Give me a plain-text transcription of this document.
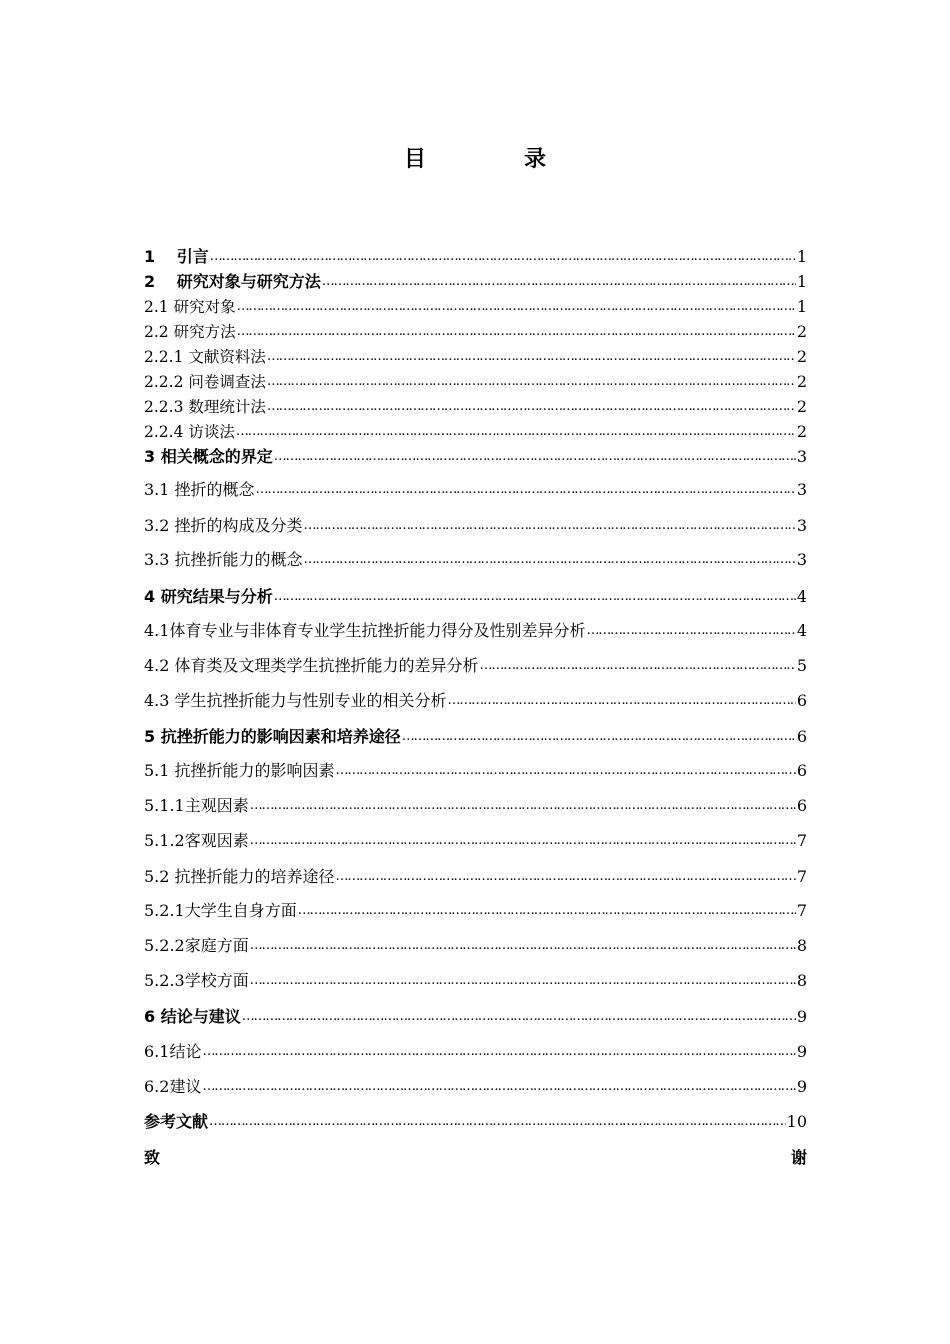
目　录
1　 引言 ……………………………………………………………………………………………………………………………………………………………………………………………………………………	1
2　 研究对象与研究方法 ……………………………………………………………………………………………………………………………………………………………………………………………………………………	1
2.1 研究对象 ……………………………………………………………………………………………………………………………………………………………………………………………………………………	1
2.2 研究方法 ……………………………………………………………………………………………………………………………………………………………………………………………………………………	2
2.2.1 文献资料法 ……………………………………………………………………………………………………………………………………………………………………………………………………………………	2
2.2.2 问卷调查法 ……………………………………………………………………………………………………………………………………………………………………………………………………………………	2
2.2.3 数理统计法 ……………………………………………………………………………………………………………………………………………………………………………………………………………………	2
2.2.4 访谈法 ……………………………………………………………………………………………………………………………………………………………………………………………………………………	2
3 相关概念的界定 ……………………………………………………………………………………………………………………………………………………………………………………………………………………	3
3.1 挫折的概念 ……………………………………………………………………………………………………………………………………………………………………………………………………………………	3
3.2 挫折的构成及分类 ……………………………………………………………………………………………………………………………………………………………………………………………………………………	3
3.3 抗挫折能力的概念 ……………………………………………………………………………………………………………………………………………………………………………………………………………………	3
4 研究结果与分析 ……………………………………………………………………………………………………………………………………………………………………………………………………………………	4
4.1体育专业与非体育专业学生抗挫折能力得分及性别差异分析 ……………………………………………………………………………………………………………………………………………………………………………………………………………………	4
4.2 体育类及文理类学生抗挫折能力的差异分析 ……………………………………………………………………………………………………………………………………………………………………………………………………………………	5
4.3 学生抗挫折能力与性别专业的相关分析 ……………………………………………………………………………………………………………………………………………………………………………………………………………………	6
5 抗挫折能力的影响因素和培养途径 ……………………………………………………………………………………………………………………………………………………………………………………………………………………	6
5.1 抗挫折能力的影响因素 ……………………………………………………………………………………………………………………………………………………………………………………………………………………	6
5.1.1主观因素 ……………………………………………………………………………………………………………………………………………………………………………………………………………………	6
5.1.2客观因素 ……………………………………………………………………………………………………………………………………………………………………………………………………………………	7
5.2 抗挫折能力的培养途径 ……………………………………………………………………………………………………………………………………………………………………………………………………………………	7
5.2.1大学生自身方面 ……………………………………………………………………………………………………………………………………………………………………………………………………………………	7
5.2.2家庭方面 ……………………………………………………………………………………………………………………………………………………………………………………………………………………	8
5.2.3学校方面 ……………………………………………………………………………………………………………………………………………………………………………………………………………………	8
6 结论与建议 ……………………………………………………………………………………………………………………………………………………………………………………………………………………	9
6.1结论 ……………………………………………………………………………………………………………………………………………………………………………………………………………………	9
6.2建议 ……………………………………………………………………………………………………………………………………………………………………………………………………………………	9
参考文献 ……………………………………………………………………………………………………………………………………………………………………………………………………………………	10
致	谢
